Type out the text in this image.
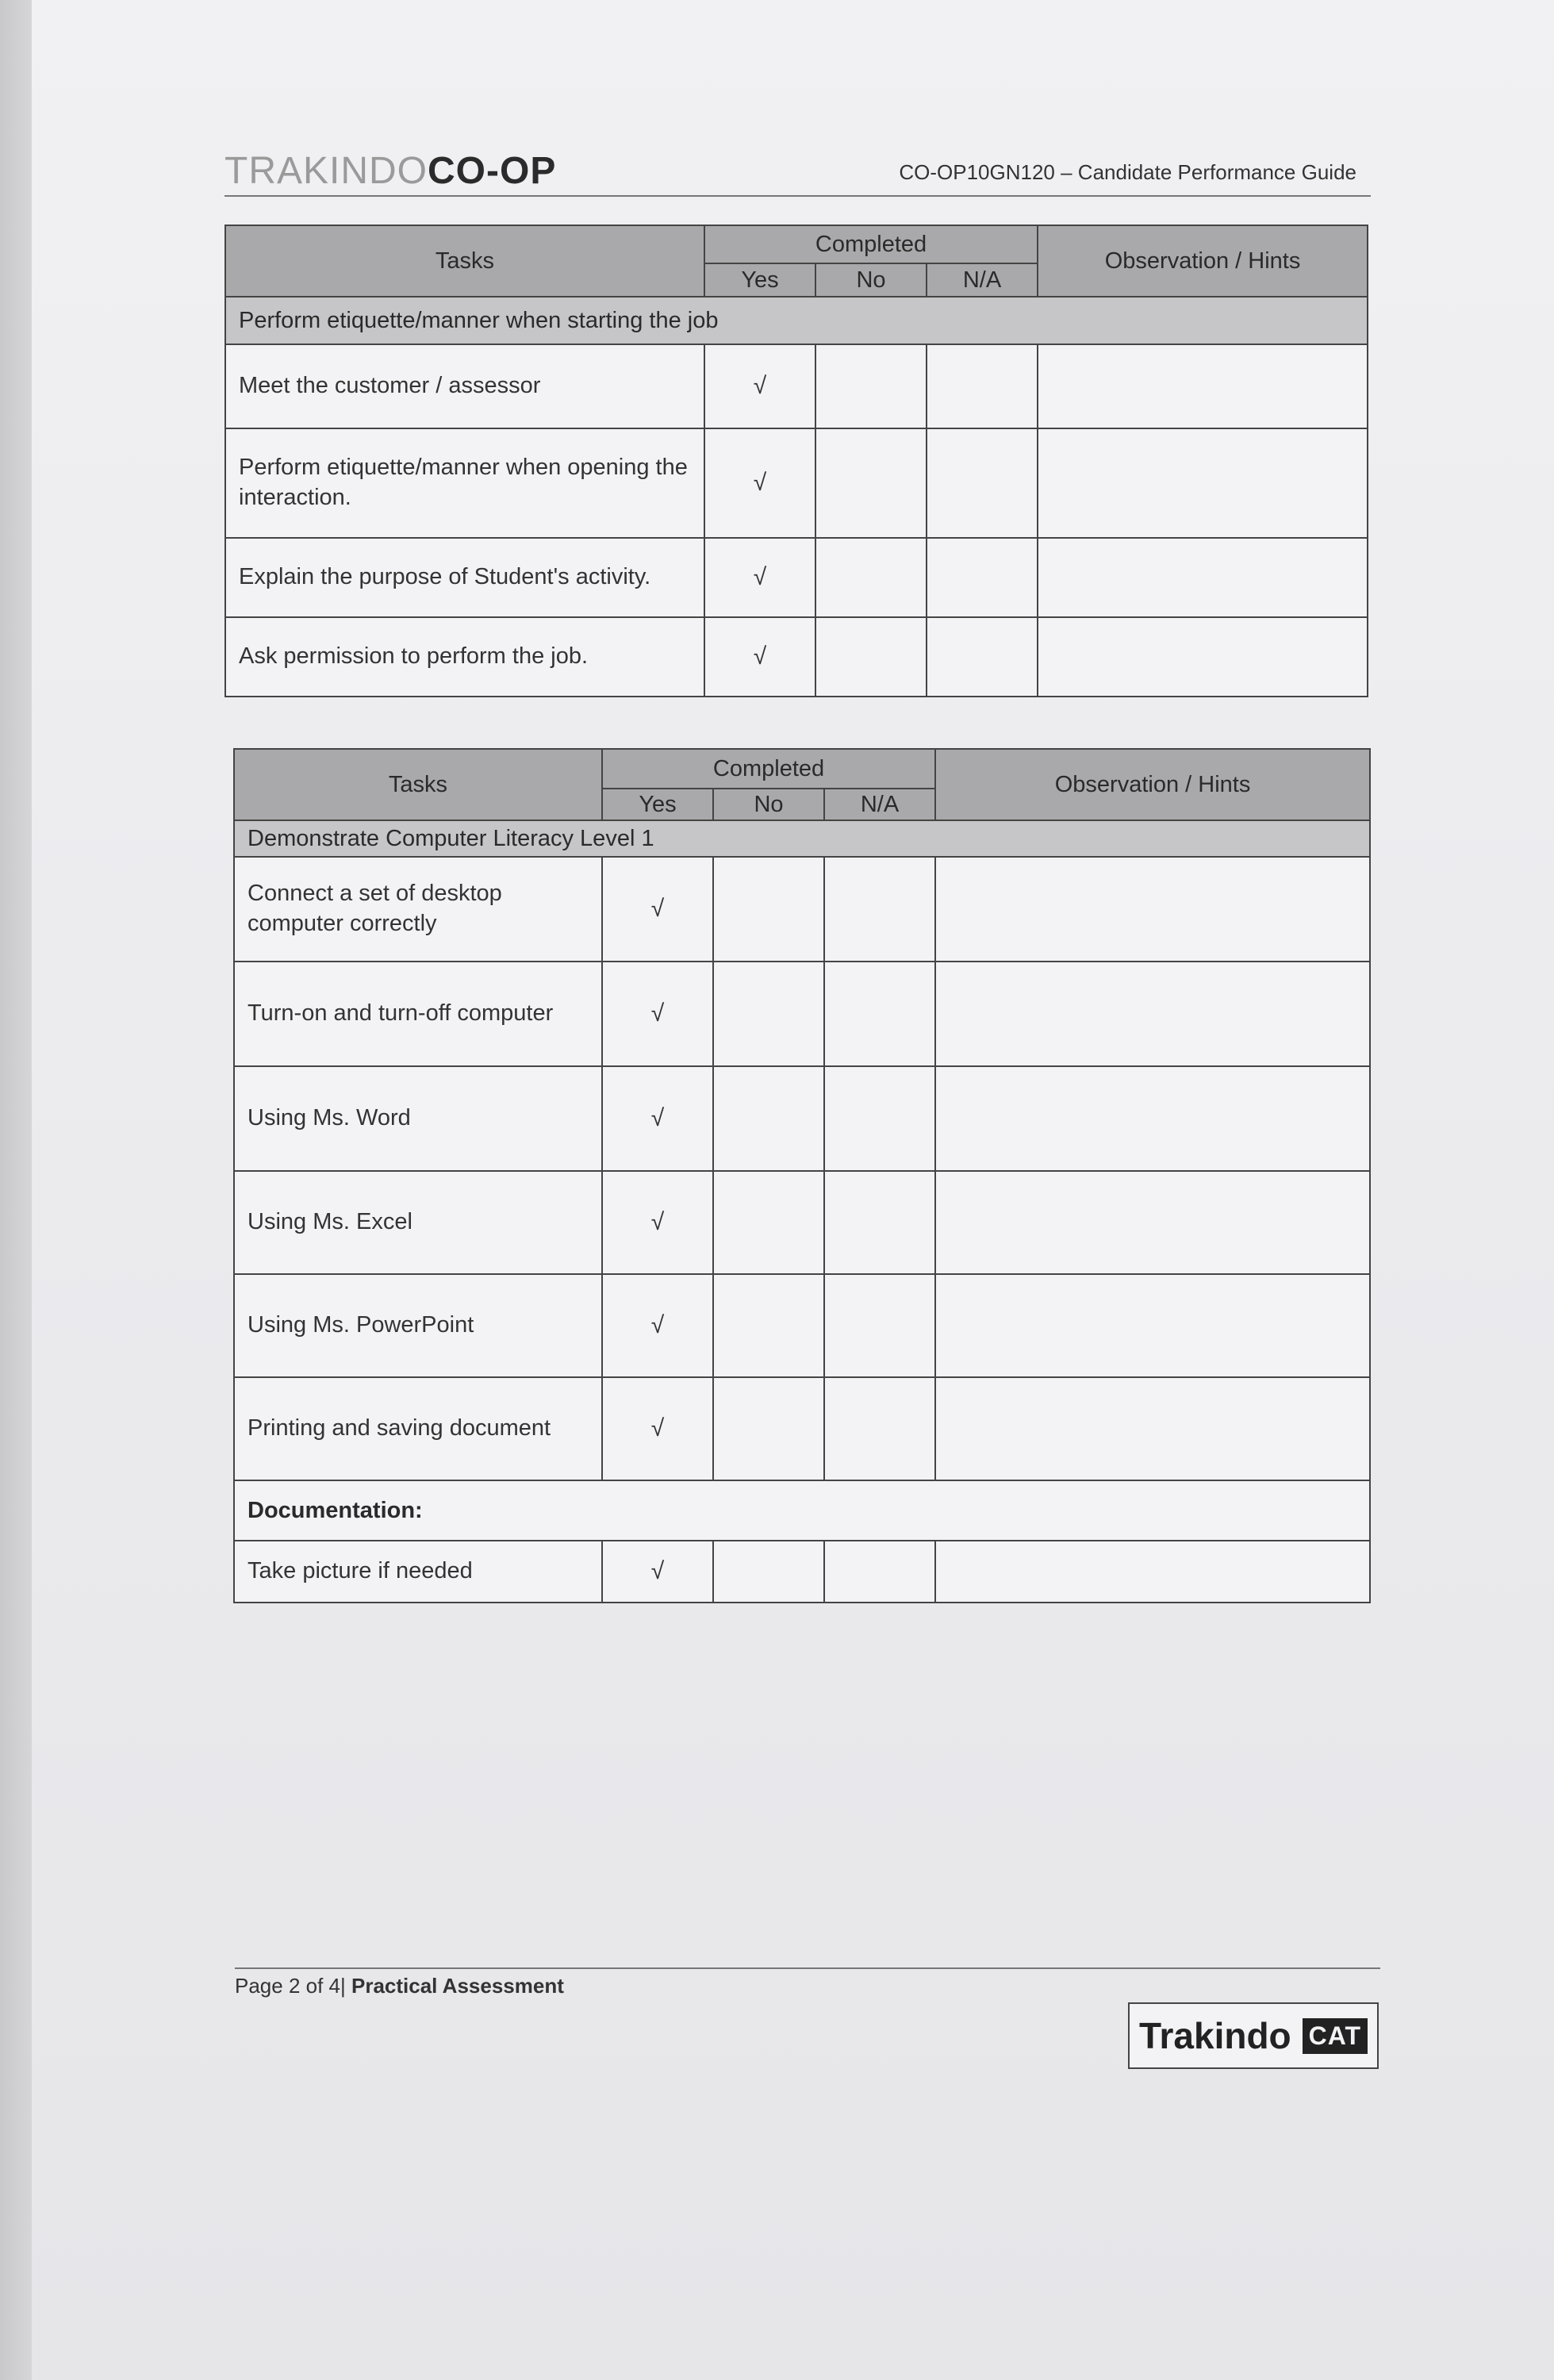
TRAKINDOCO-OP	CO-OP10GN120 – Candidate Performance Guide
Tasks	Completed			Observation / Hints
	Yes	No	N/A	
Perform etiquette/manner when starting the job				
Meet the customer / assessor	√			
Perform etiquette/manner when opening the interaction.	√			
Explain the purpose of Student's activity.	√			
Ask permission to perform the job.	√			
Tasks	Completed			Observation / Hints
	Yes	No	N/A	
Demonstrate Computer Literacy Level 1				
Connect a set of desktop computer correctly	√			
Turn-on and turn-off computer	√			
Using Ms. Word	√			
Using Ms. Excel	√			
Using Ms. PowerPoint	√			
Printing and saving document	√			
Documentation:				
Take picture if needed	√			
Page 2 of 4| Practical Assessment
Trakindo CAT
